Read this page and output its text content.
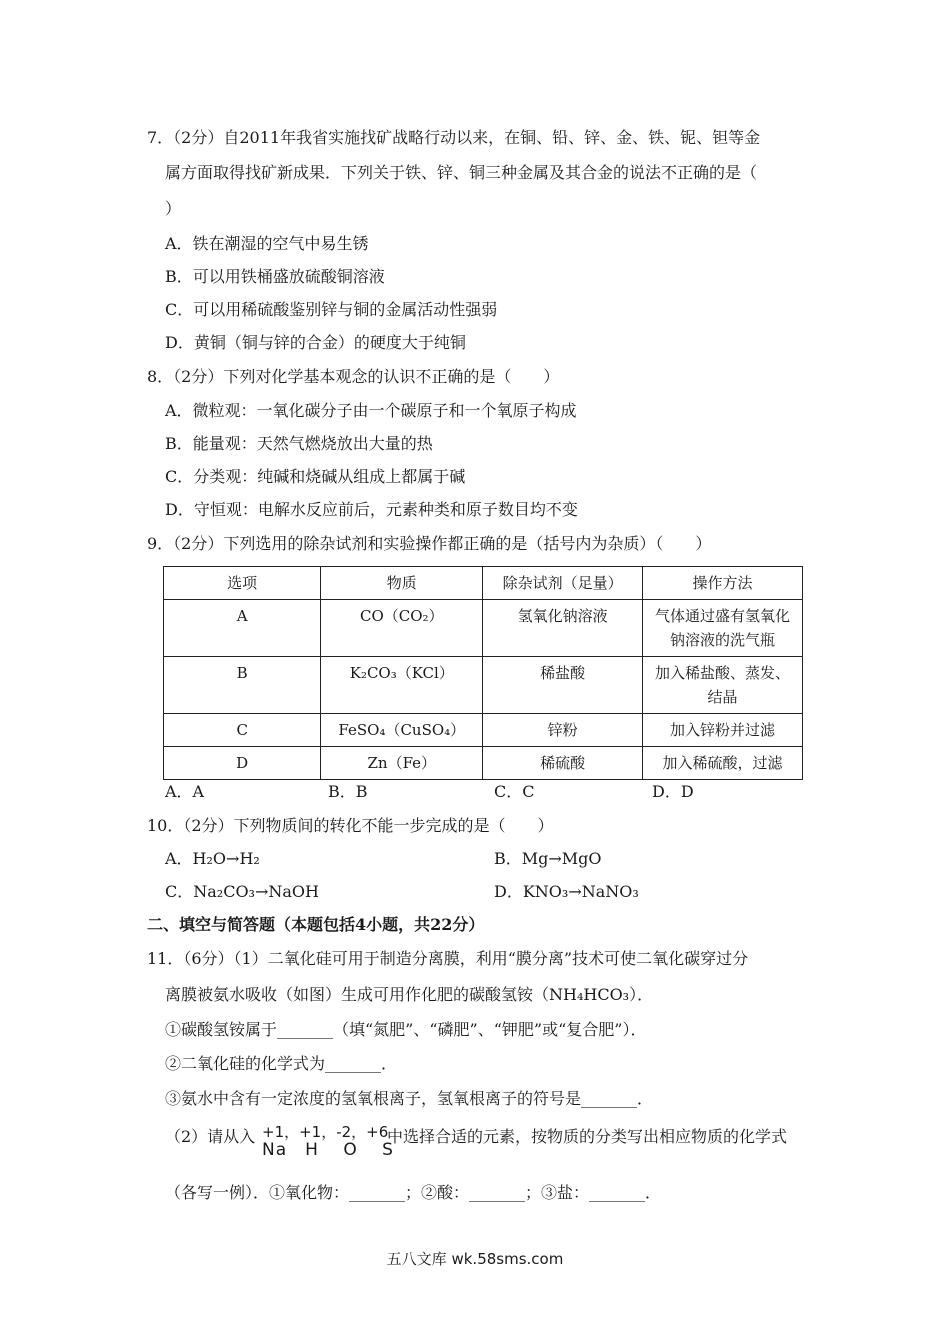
7．（2分）自2011年我省实施找矿战略行动以来，在铜、铅、锌、金、铁、铌、钽等金
属方面取得找矿新成果．下列关于铁、锌、铜三种金属及其合金的说法不正确的是（
）
A．铁在潮湿的空气中易生锈
B．可以用铁桶盛放硫酸铜溶液
C．可以用稀硫酸鉴别锌与铜的金属活动性强弱
D．黄铜（铜与锌的合金）的硬度大于纯铜
8．（2分）下列对化学基本观念的认识不正确的是（　　）
A．微粒观：一氧化碳分子由一个碳原子和一个氧原子构成
B．能量观：天然气燃烧放出大量的热
C．分类观：纯碱和烧碱从组成上都属于碱
D．守恒观：电解水反应前后，元素种类和原子数目均不变
9．（2分）下列选用的除杂试剂和实验操作都正确的是（括号内为杂质）（　　）
选项	物质	除杂试剂（足量）	操作方法
A	CO（CO₂）	氢氧化钠溶液	气体通过盛有氢氧化
钠溶液的洗气瓶
B	K₂CO₃（KCl）	稀盐酸	加入稀盐酸、蒸发、
结晶
C	FeSO₄（CuSO₄）	锌粉	加入锌粉并过滤
D	Zn（Fe）	稀硫酸	加入稀硫酸，过滤
A．A	B．B	C．C	D．D
10．（2分）下列物质间的转化不能一步完成的是（　　）
A．H₂O→H₂	B．Mg→MgO
C．Na₂CO₃→NaOH	D．KNO₃→NaNO₃
二、填空与简答题（本题包括4小题，共22分）
11．（6分）（1）二氧化硅可用于制造分离膜，利用“膜分离”技术可使二氧化碳穿过分
离膜被氨水吸收（如图）生成可用作化肥的碳酸氢铵（NH₄HCO₃）．
①碳酸氢铵属于_______（填“氮肥”、“磷肥”、“钾肥”或“复合肥”）．
②二氧化硅的化学式为_______．
③氨水中含有一定浓度的氢氧根离子，氢氧根离子的符号是_______．
（2）请从入 +1，+1，-2，+6
Na　H　 O　 S
中选择合适的元素，按物质的分类写出相应物质的化学式
（各写一例）．①氧化物：_______；②酸：_______；③盐：_______．
五八文库 wk.58sms.com
